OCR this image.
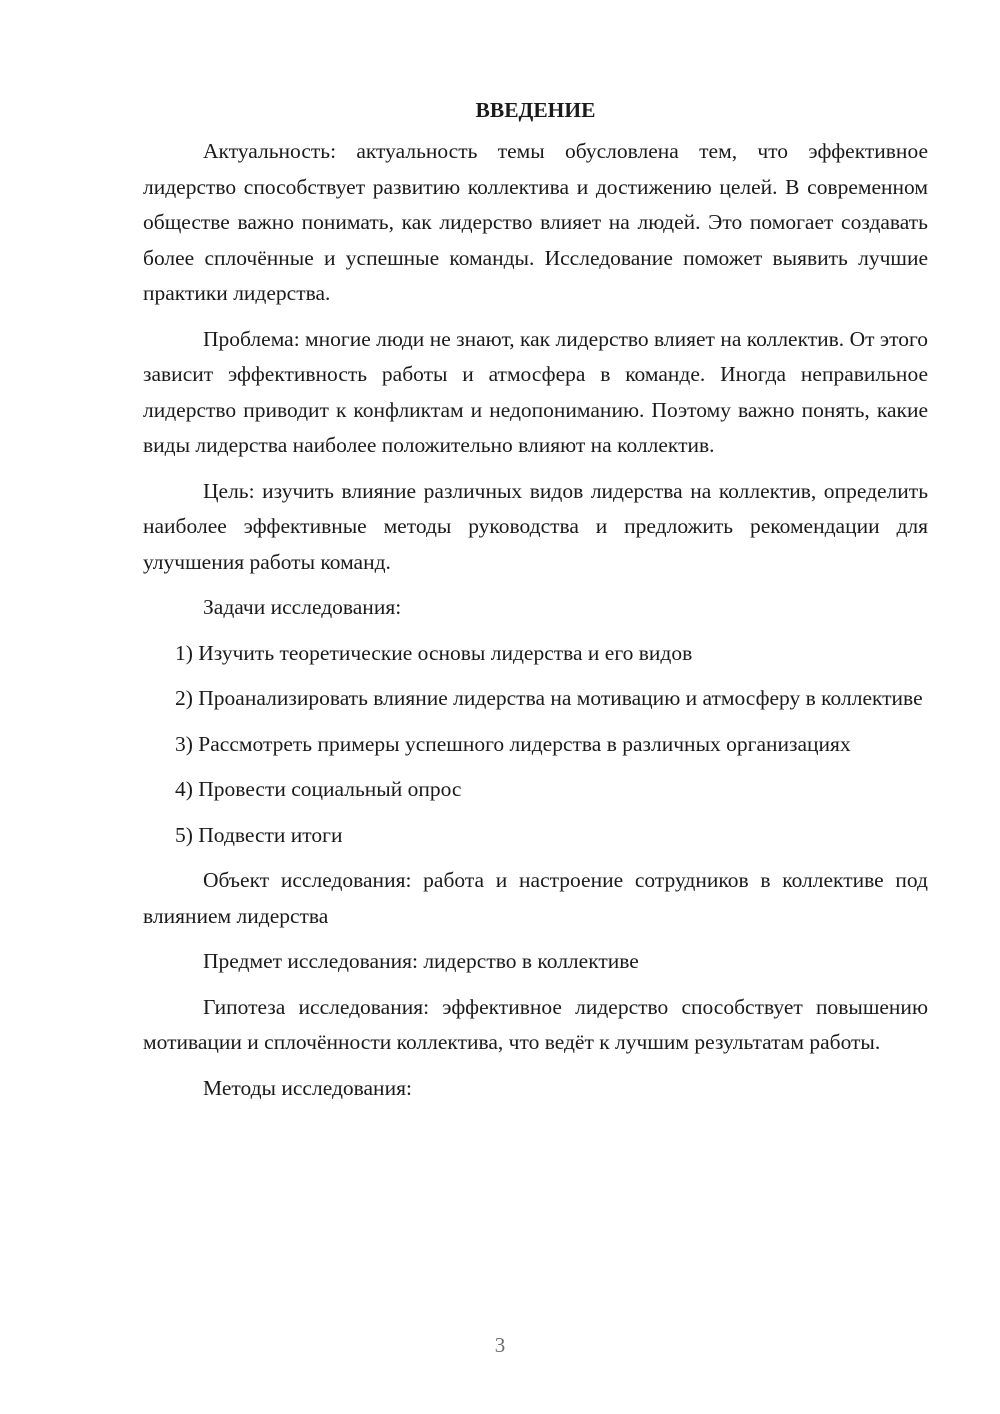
ВВЕДЕНИЕ

Актуальность: актуальность темы обусловлена тем, что эффективное лидерство способствует развитию коллектива и достижению целей. В современном обществе важно понимать, как лидерство влияет на людей. Это помогает создавать более сплочённые и успешные команды. Исследование поможет выявить лучшие практики лидерства.

Проблема: многие люди не знают, как лидерство влияет на коллектив. От этого зависит эффективность работы и атмосфера в команде. Иногда неправильное лидерство приводит к конфликтам и недопониманию. Поэтому важно понять, какие виды лидерства наиболее положительно влияют на коллектив.

Цель: изучить влияние различных видов лидерства на коллектив, определить наиболее эффективные методы руководства и предложить рекомендации для улучшения работы команд.

Задачи исследования:

1) Изучить теоретические основы лидерства и его видов

2) Проанализировать влияние лидерства на мотивацию и атмосферу в коллективе

3) Рассмотреть примеры успешного лидерства в различных организациях

4) Провести социальный опрос

5) Подвести итоги

Объект исследования: работа и настроение сотрудников в коллективе под влиянием лидерства

Предмет исследования: лидерство в коллективе

Гипотеза исследования: эффективное лидерство способствует повышению мотивации и сплочённости коллектива, что ведёт к лучшим результатам работы.

Методы исследования:

3
